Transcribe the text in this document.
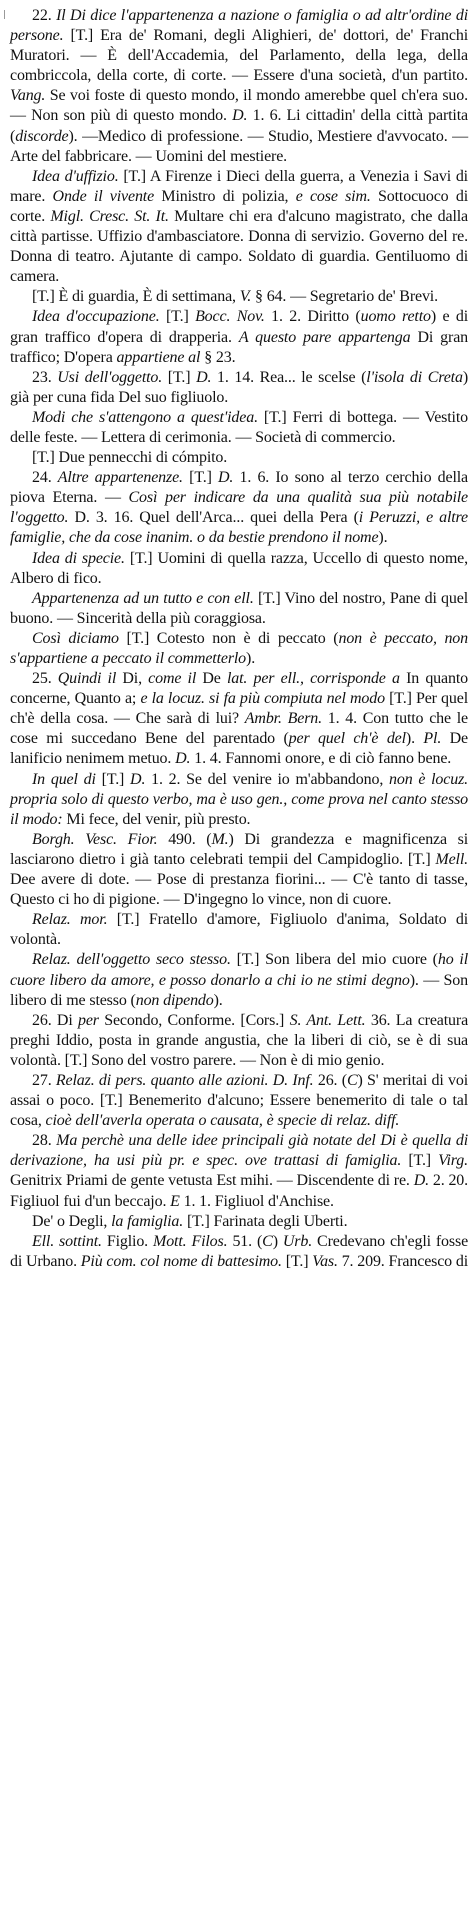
22. Il Di dice l'appartenenza a nazione o famiglia o ad altr'ordine di persone. [T.] Era de' Romani, degli Alighieri, de' dottori, de' Franchi Muratori. — È dell'Accademia, del Parlamento, della lega, della combriccola, della corte, di corte. — Essere d'una società, d'un partito. Vang. Se voi foste di questo mondo, il mondo amerebbe quel ch'era suo. — Non son più di questo mondo. D. 1. 6. Li cittadin' della città partita (discorde). —Medico di professione. — Studio, Mestiere d'avvocato. — Arte del fabbricare. — Uomini del mestiere.

Idea d'uffizio. [T.] A Firenze i Dieci della guerra, a Venezia i Savi di mare. Onde il vivente Ministro di polizia, e cose sim. Sottocuoco di corte. Migl. Cresc. St. It. Multare chi era d'alcuno magistrato, che dalla città partisse. Uffizio d'ambasciatore. Donna di servizio. Governo del re. Donna di teatro. Ajutante di campo. Soldato di guardia. Gentiluomo di camera.

[T.] È di guardia, È di settimana, V. § 64. — Segretario de' Brevi.

Idea d'occupazione. [T.] Bocc. Nov. 1. 2. Diritto (uomo retto) e di gran traffico d'opera di drapperia. A questo pare appartenga Di gran traffico; D'opera appartiene al § 23.

23. Usi dell'oggetto. [T.] D. 1. 14. Rea... le scelse (l'isola di Creta) già per cuna fida Del suo figliuolo.

Modi che s'attengono a quest'idea. [T.] Ferri di bottega. — Vestito delle feste. — Lettera di cerimonia. — Società di commercio.

[T.] Due pennecchi di cómpito.

24. Altre appartenenze. [T.] D. 1. 6. Io sono al terzo cerchio della piova Eterna. — Così per indicare da una qualità sua più notabile l'oggetto. D. 3. 16. Quel dell'Arca... quei della Pera (i Peruzzi, e altre famiglie, che da cose inanim. o da bestie prendono il nome).

Idea di specie. [T.] Uomini di quella razza, Uccello di questo nome, Albero di fico.

Appartenenza ad un tutto e con ell. [T.] Vino del nostro, Pane di quel buono. — Sincerità della più coraggiosa.

Così diciamo [T.] Cotesto non è di peccato (non è peccato, non s'appartiene a peccato il commetterlo).

25. Quindi il Di, come il De lat. per ell., corrisponde a In quanto concerne, Quanto a; e la locuz. si fa più compiuta nel modo [T.] Per quel ch'è della cosa. — Che sarà di lui? Ambr. Bern. 1. 4. Con tutto che le cose mi succedano Bene del parentado (per quel ch'è del). Pl. De lanificio nenimem metuo. D. 1. 4. Fannomi onore, e di ciò fanno bene.

In quel di [T.] D. 1. 2. Se del venire io m'abbandono, non è locuz. propria solo di questo verbo, ma è uso gen., come prova nel canto stesso il modo: Mi fece, del venir, più presto.

Borgh. Vesc. Fior. 490. (M.) Di grandezza e magnificenza si lasciarono dietro i già tanto celebrati tempii del Campidoglio. [T.] Mell. Dee avere di dote. — Pose di prestanza fiorini... — C'è tanto di tasse, Questo ci ho di pigione. — D'ingegno lo vince, non di cuore.

Relaz. mor. [T.] Fratello d'amore, Figliuolo d'anima, Soldato di volontà.

Relaz. dell'oggetto seco stesso. [T.] Son libera del mio cuore (ho il cuore libero da amore, e posso donarlo a chi io ne stimi degno). — Son libero di me stesso (non dipendo).

26. Di per Secondo, Conforme. [Cors.] S. Ant. Lett. 36. La creatura preghi Iddio, posta in grande angustia, che la liberi di ciò, se è di sua volontà. [T.] Sono del vostro parere. — Non è di mio genio.

27. Relaz. di pers. quanto alle azioni. D. Inf. 26. (C) S' meritai di voi assai o poco. [T.] Benemerito d'alcuno; Essere benemerito di tale o tal cosa, cioè dell'averla operata o causata, è specie di relaz. diff.

28. Ma perchè una delle idee principali già notate del Di è quella di derivazione, ha usi più pr. e spec. ove trattasi di famiglia. [T.] Virg. Genitrix Priami de gente vetusta Est mihi. — Discendente di re. D. 2. 20. Figliuol fui d'un beccajo. E 1. 1. Figliuol d'Anchise.

De' o Degli, la famiglia. [T.] Farinata degli Uberti.

Ell. sottint. Figlio. Mott. Filos. 51. (C) Urb. Credevano ch'egli fosse di Urbano. Più com. col nome di battesimo. [T.] Vas. 7. 209. Francesco di
